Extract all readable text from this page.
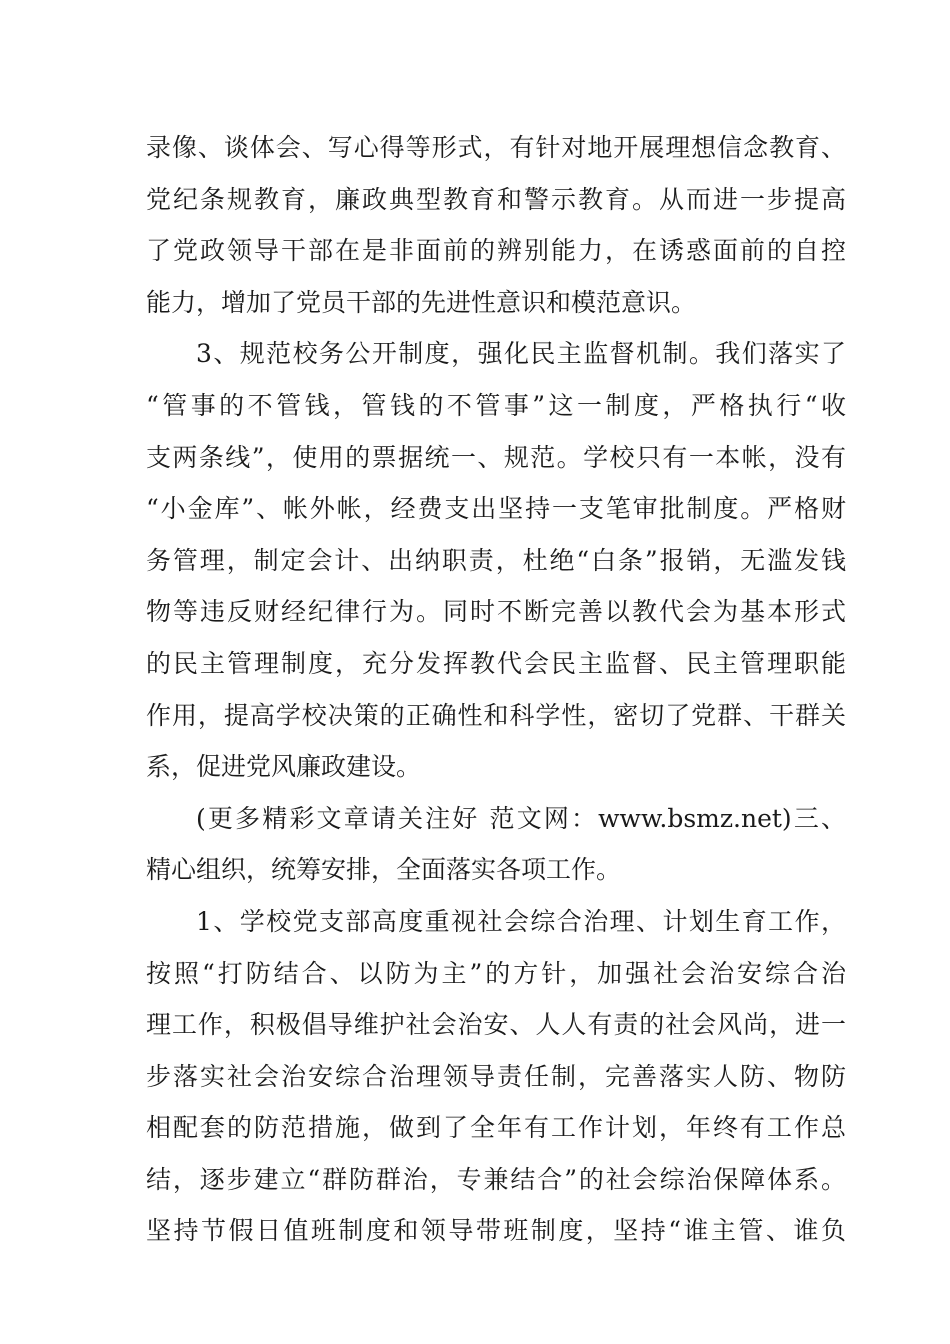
录像、谈体会、写心得等形式，有针对地开展理想信念教育、
党纪条规教育，廉政典型教育和警示教育。从而进一步提高
了党政领导干部在是非面前的辨别能力，在诱惑面前的自控
能力，增加了党员干部的先进性意识和模范意识。
3、规范校务公开制度，强化民主监督机制。我们落实了
“管事的不管钱，管钱的不管事”这一制度，严格执行“收
支两条线”，使用的票据统一、规范。学校只有一本帐，没有
“小金库”、帐外帐，经费支出坚持一支笔审批制度。严格财
务管理，制定会计、出纳职责，杜绝“白条”报销，无滥发钱
物等违反财经纪律行为。同时不断完善以教代会为基本形式
的民主管理制度，充分发挥教代会民主监督、民主管理职能
作用，提高学校决策的正确性和科学性，密切了党群、干群关
系，促进党风廉政建设。
(更多精彩文章请关注好 范文网：www.bsmz.net)三、
精心组织，统筹安排，全面落实各项工作。
1、学校党支部高度重视社会综合治理、计划生育工作，
按照“打防结合、以防为主”的方针，加强社会治安综合治
理工作，积极倡导维护社会治安、人人有责的社会风尚，进一
步落实社会治安综合治理领导责任制，完善落实人防、物防
相配套的防范措施，做到了全年有工作计划，年终有工作总
结，逐步建立“群防群治，专兼结合”的社会综治保障体系。
坚持节假日值班制度和领导带班制度，坚持“谁主管、谁负
